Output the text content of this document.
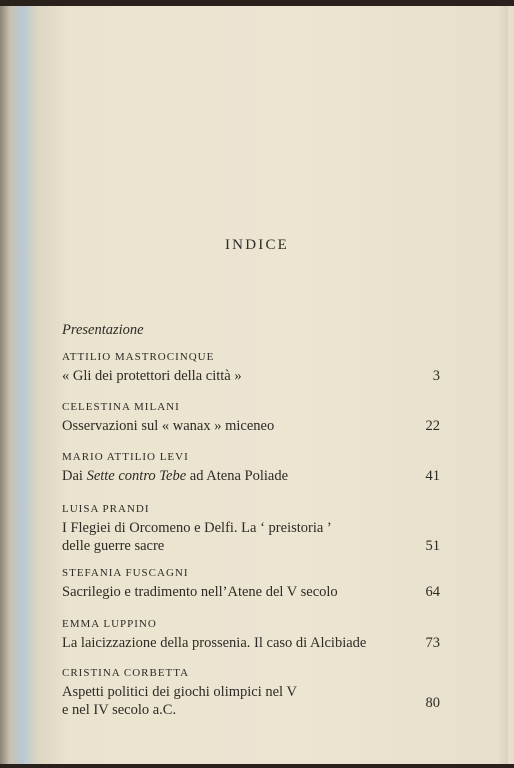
INDICE
Presentazione
ATTILIO MASTROCINQUE
« Gli dei protettori della città »	3
CELESTINA MILANI
Osservazioni sul « wanax » miceneo	22
MARIO ATTILIO LEVI
Dai Sette contro Tebe ad Atena Poliade	41
LUISA PRANDI
I Flegiei di Orcomeno e Delfi. La ‘ preistoria ’
delle guerre sacre	51
STEFANIA FUSCAGNI
Sacrilegio e tradimento nell’Atene del V secolo	64
EMMA LUPPINO
La laicizzazione della prossenia. Il caso di Alcibiade	73
CRISTINA CORBETTA
Aspetti politici dei giochi olimpici nel V
e nel IV secolo a.C.	80
